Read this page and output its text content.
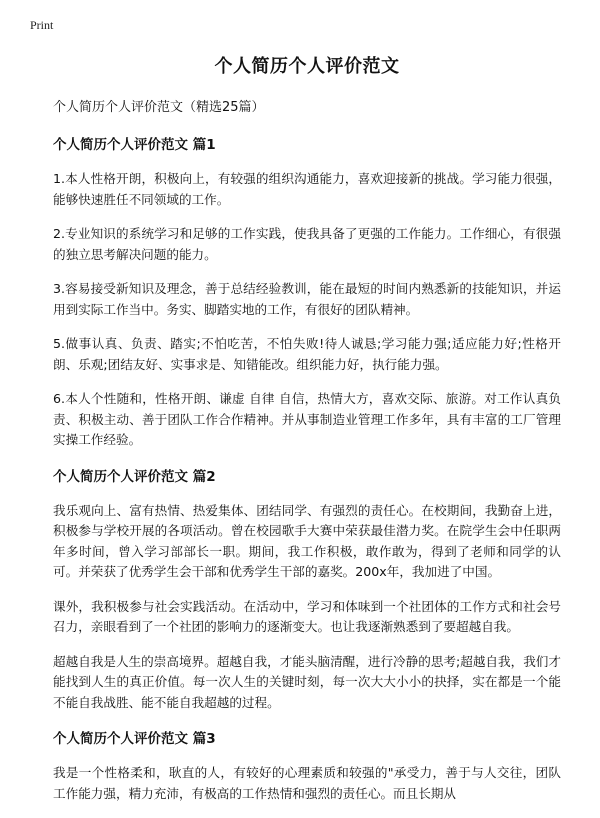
Print
个人简历个人评价范文
个人简历个人评价范文（精选25篇）
个人简历个人评价范文 篇1

1.本人性格开朗，积极向上，有较强的组织沟通能力，喜欢迎接新的挑战。学习能力很强，能够快速胜任不同领域的工作。

2.专业知识的系统学习和足够的工作实践，使我具备了更强的工作能力。工作细心，有很强的独立思考解决问题的能力。

3.容易接受新知识及理念，善于总结经验教训，能在最短的时间内熟悉新的技能知识，并运用到实际工作当中。务实、脚踏实地的工作，有很好的团队精神。

5.做事认真、负责、踏实;不怕吃苦，不怕失败!待人诚恳;学习能力强;适应能力好;性格开朗、乐观;团结友好、实事求是、知错能改。组织能力好，执行能力强。

6.本人个性随和，性格开朗、谦虚 自律 自信，热情大方，喜欢交际、旅游。对工作认真负责、积极主动、善于团队工作合作精神。并从事制造业管理工作多年，具有丰富的工厂管理实操工作经验。

个人简历个人评价范文 篇2

我乐观向上、富有热情、热爱集体、团结同学、有强烈的责任心。在校期间，我勤奋上进，积极参与学校开展的各项活动。曾在校园歌手大赛中荣获最佳潜力奖。在院学生会中任职两年多时间，曾入学习部部长一职。期间，我工作积极，敢作敢为，得到了老师和同学的认可。并荣获了优秀学生会干部和优秀学生干部的嘉奖。200x年，我加进了中国。

课外，我积极参与社会实践活动。在活动中，学习和体味到一个社团体的工作方式和社会号召力，亲眼看到了一个社团的影响力的逐渐变大。也让我逐渐熟悉到了要超越自我。

超越自我是人生的崇高境界。超越自我，才能头脑清醒，进行冷静的思考;超越自我，我们才能找到人生的真正价值。每一次人生的关键时刻，每一次大大小小的抉择，实在都是一个能不能自我战胜、能不能自我超越的过程。

个人简历个人评价范文 篇3

我是一个性格柔和，耿直的人，有较好的心理素质和较强的"承受力，善于与人交往，团队工作能力强，精力充沛，有极高的工作热情和强烈的责任心。而且长期从
